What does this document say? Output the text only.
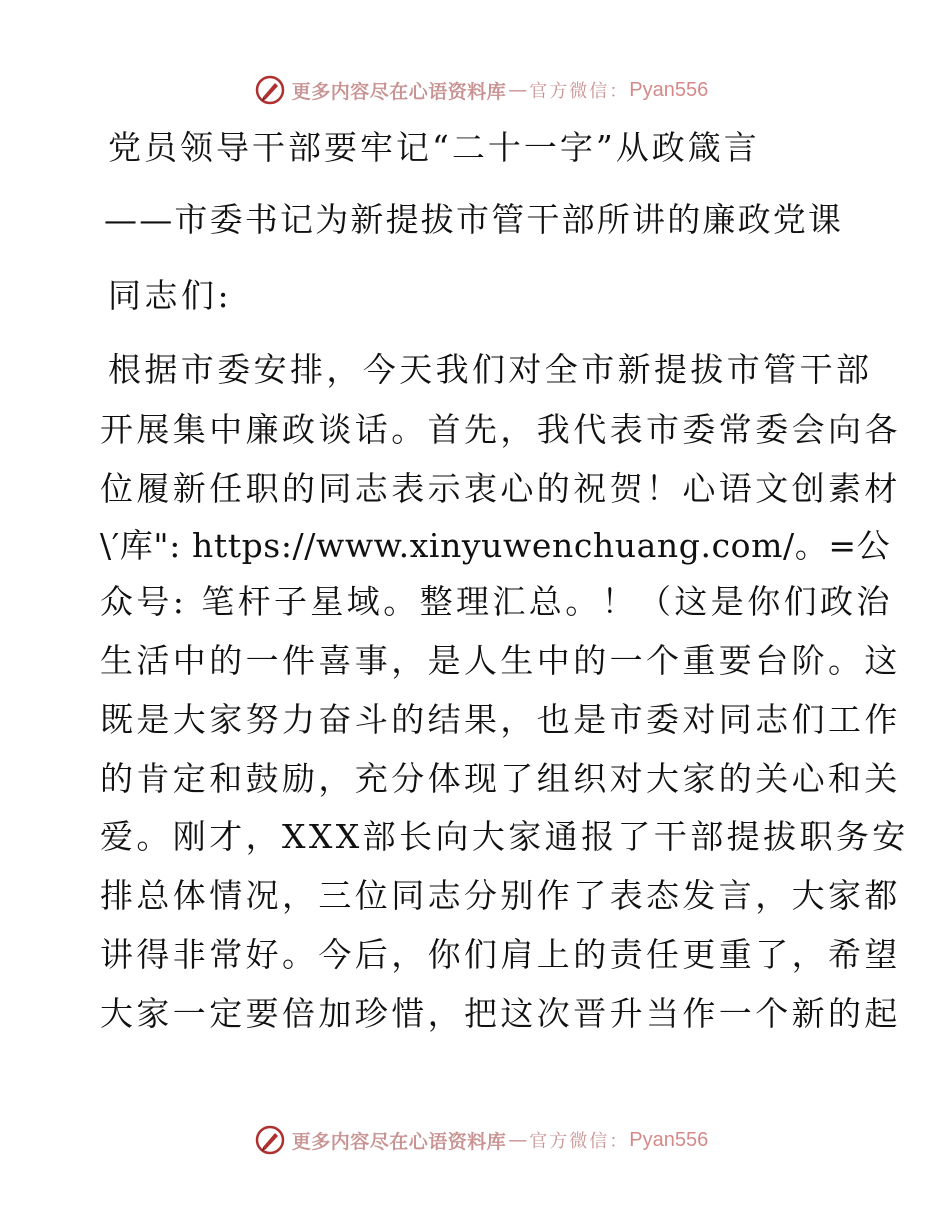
更多内容尽在心语资料库 — 官方微信： Pyan556
党员领导干部要牢记“二十一字”从政箴言
——市委书记为新提拔市管干部所讲的廉政党课
同志们:
根据市委安排，今天我们对全市新提拔市管干部
开展集中廉政谈话。首先，我代表市委常委会向各
位履新任职的同志表示衷心的祝贺！心语文创素材
\′库": https://www.xinyuwenchuang.com/。=公
众号: 笔杆子星域。整理汇总。！（这是你们政治
生活中的一件喜事，是人生中的一个重要台阶。这
既是大家努力奋斗的结果，也是市委对同志们工作
的肯定和鼓励，充分体现了组织对大家的关心和关
爱。刚才，XXX部长向大家通报了干部提拔职务安
排总体情况，三位同志分别作了表态发言，大家都
讲得非常好。今后，你们肩上的责任更重了，希望
大家一定要倍加珍惜，把这次晋升当作一个新的起
更多内容尽在心语资料库 — 官方微信： Pyan556
